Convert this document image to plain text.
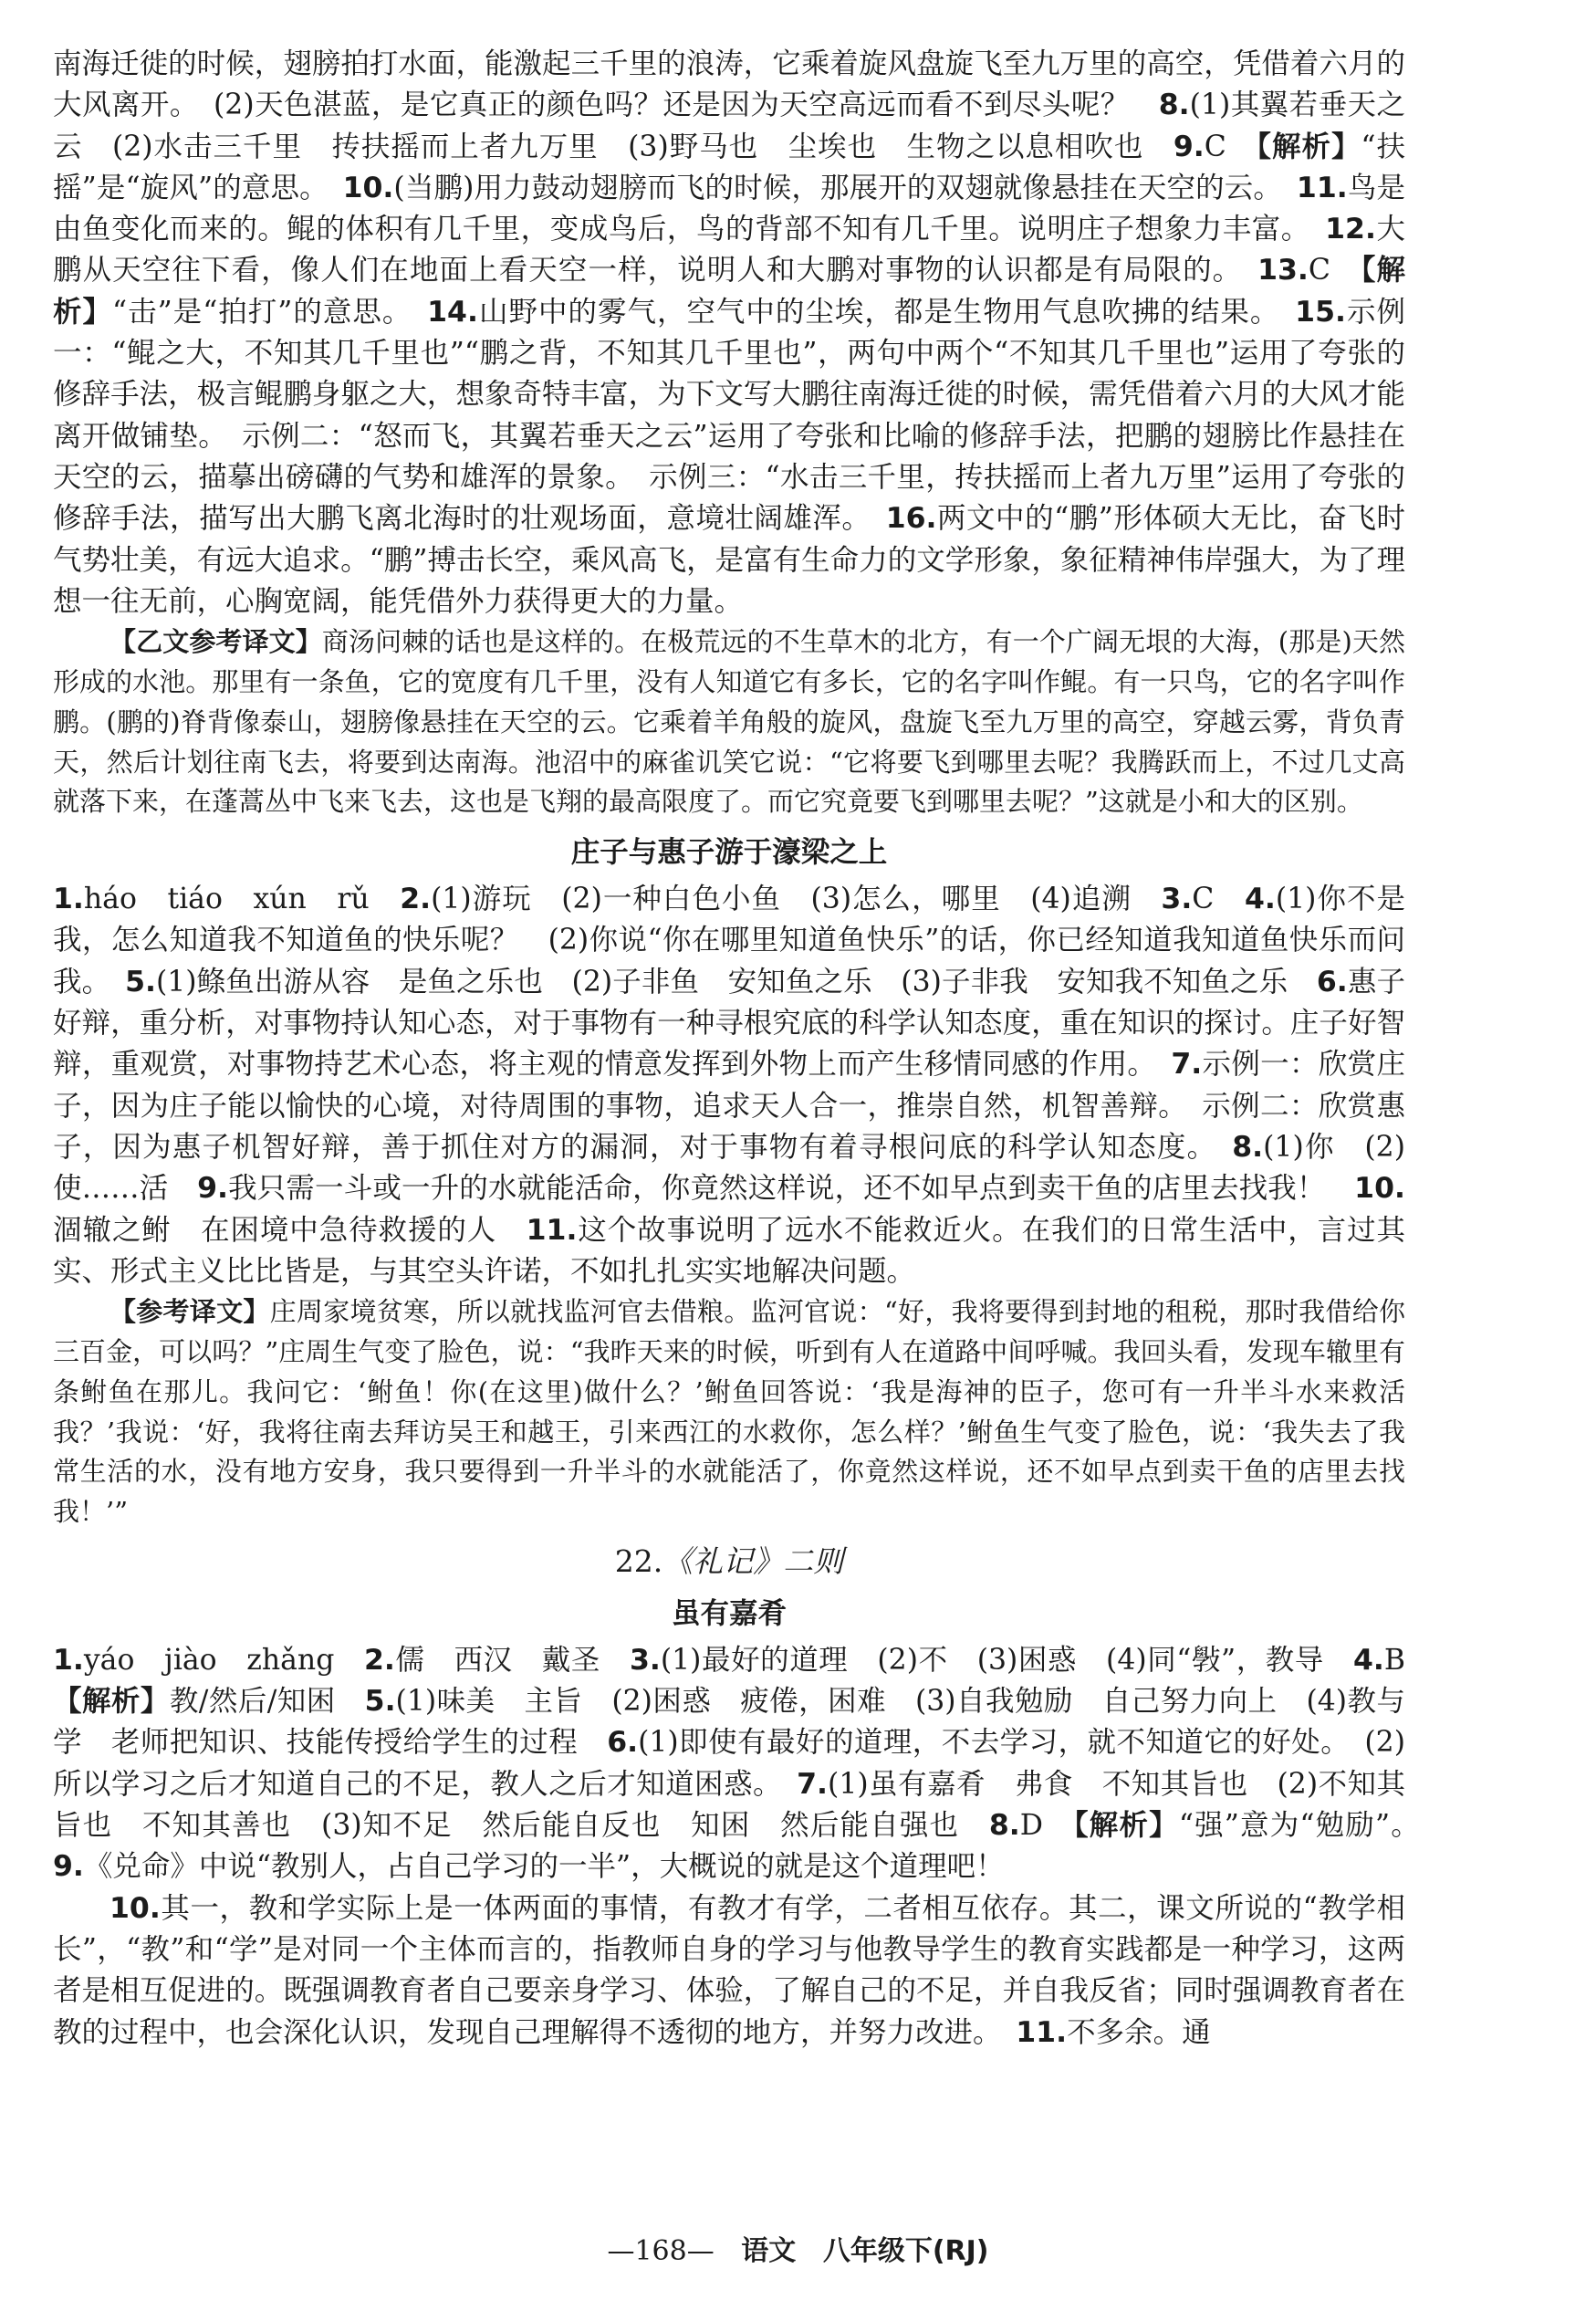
南海迁徙的时候，翅膀拍打水面，能激起三千里的浪涛，它乘着旋风盘旋飞至九万里的高空，凭借着六月的大风离开。　(2)天色湛蓝，是它真正的颜色吗？还是因为天空高远而看不到尽头呢？　8.(1)其翼若垂天之云　(2)水击三千里　抟扶摇而上者九万里　(3)野马也　尘埃也　生物之以息相吹也　9.C　【解析】“扶摇”是“旋风”的意思。　10.(当鹏)用力鼓动翅膀而飞的时候，那展开的双翅就像悬挂在天空的云。　11.鸟是由鱼变化而来的。鲲的体积有几千里，变成鸟后，鸟的背部不知有几千里。说明庄子想象力丰富。　12.大鹏从天空往下看，像人们在地面上看天空一样，说明人和大鹏对事物的认识都是有局限的。　13.C　【解析】“击”是“拍打”的意思。　14.山野中的雾气，空气中的尘埃，都是生物用气息吹拂的结果。　15.示例一：“鲲之大，不知其几千里也”“鹏之背，不知其几千里也”，两句中两个“不知其几千里也”运用了夸张的修辞手法，极言鲲鹏身躯之大，想象奇特丰富，为下文写大鹏往南海迁徙的时候，需凭借着六月的大风才能离开做铺垫。　示例二：“怒而飞，其翼若垂天之云”运用了夸张和比喻的修辞手法，把鹏的翅膀比作悬挂在天空的云，描摹出磅礴的气势和雄浑的景象。　示例三：“水击三千里，抟扶摇而上者九万里”运用了夸张的修辞手法，描写出大鹏飞离北海时的壮观场面，意境壮阔雄浑。　16.两文中的“鹏”形体硕大无比，奋飞时气势壮美，有远大追求。“鹏”搏击长空，乘风高飞，是富有生命力的文学形象，象征精神伟岸强大，为了理想一往无前，心胸宽阔，能凭借外力获得更大的力量。

【乙文参考译文】商汤问棘的话也是这样的。在极荒远的不生草木的北方，有一个广阔无垠的大海，(那是)天然形成的水池。那里有一条鱼，它的宽度有几千里，没有人知道它有多长，它的名字叫作鲲。有一只鸟，它的名字叫作鹏。(鹏的)脊背像泰山，翅膀像悬挂在天空的云。它乘着羊角般的旋风，盘旋飞至九万里的高空，穿越云雾，背负青天，然后计划往南飞去，将要到达南海。池沼中的麻雀讥笑它说：“它将要飞到哪里去呢？我腾跃而上，不过几丈高就落下来，在蓬蒿丛中飞来飞去，这也是飞翔的最高限度了。而它究竟要飞到哪里去呢？”这就是小和大的区别。

庄子与惠子游于濠梁之上

1.háo　tiáo　xún　rǔ　2.(1)游玩　(2)一种白色小鱼　(3)怎么，哪里　(4)追溯　3.C　4.(1)你不是我，怎么知道我不知道鱼的快乐呢？　(2)你说“你在哪里知道鱼快乐”的话，你已经知道我知道鱼快乐而问我。　5.(1)鲦鱼出游从容　是鱼之乐也　(2)子非鱼　安知鱼之乐　(3)子非我　安知我不知鱼之乐　6.惠子好辩，重分析，对事物持认知心态，对于事物有一种寻根究底的科学认知态度，重在知识的探讨。庄子好智辩，重观赏，对事物持艺术心态，将主观的情意发挥到外物上而产生移情同感的作用。　7.示例一：欣赏庄子，因为庄子能以愉快的心境，对待周围的事物，追求天人合一，推崇自然，机智善辩。　示例二：欣赏惠子，因为惠子机智好辩，善于抓住对方的漏洞，对于事物有着寻根问底的科学认知态度。　8.(1)你　(2)使……活　9.我只需一斗或一升的水就能活命，你竟然这样说，还不如早点到卖干鱼的店里去找我！　10.涸辙之鲋　在困境中急待救援的人　11.这个故事说明了远水不能救近火。在我们的日常生活中，言过其实、形式主义比比皆是，与其空头许诺，不如扎扎实实地解决问题。

【参考译文】庄周家境贫寒，所以就找监河官去借粮。监河官说：“好，我将要得到封地的租税，那时我借给你三百金，可以吗？”庄周生气变了脸色，说：“我昨天来的时候，听到有人在道路中间呼喊。我回头看，发现车辙里有条鲋鱼在那儿。我问它：‘鲋鱼！你(在这里)做什么？’鲋鱼回答说：‘我是海神的臣子，您可有一升半斗水来救活我？’我说：‘好，我将往南去拜访吴王和越王，引来西江的水救你，怎么样？’鲋鱼生气变了脸色，说：‘我失去了我常生活的水，没有地方安身，我只要得到一升半斗的水就能活了，你竟然这样说，还不如早点到卖干鱼的店里去找我！’”

22.《礼记》二则
虽有嘉肴

1.yáo　jiào　zhǎng　2.儒　西汉　戴圣　3.(1)最好的道理　(2)不　(3)困惑　(4)同“斅”，教导　4.B　【解析】教/然后/知困　5.(1)味美　主旨　(2)困惑　疲倦，困难　(3)自我勉励　自己努力向上　(4)教与学　老师把知识、技能传授给学生的过程　6.(1)即使有最好的道理，不去学习，就不知道它的好处。　(2)所以学习之后才知道自己的不足，教人之后才知道困惑。　7.(1)虽有嘉肴　弗食　不知其旨也　(2)不知其旨也　不知其善也　(3)知不足　然后能自反也　知困　然后能自强也　8.D　【解析】“强”意为“勉励”。　9.《兑命》中说“教别人，占自己学习的一半”，大概说的就是这个道理吧！

10.其一，教和学实际上是一体两面的事情，有教才有学，二者相互依存。其二，课文所说的“教学相长”，“教”和“学”是对同一个主体而言的，指教师自身的学习与他教导学生的教育实践都是一种学习，这两者是相互促进的。既强调教育者自己要亲身学习、体验，了解自己的不足，并自我反省；同时强调教育者在教的过程中，也会深化认识，发现自己理解得不透彻的地方，并努力改进。　11.不多余。通

—168— 语文 八年级下(RJ)
